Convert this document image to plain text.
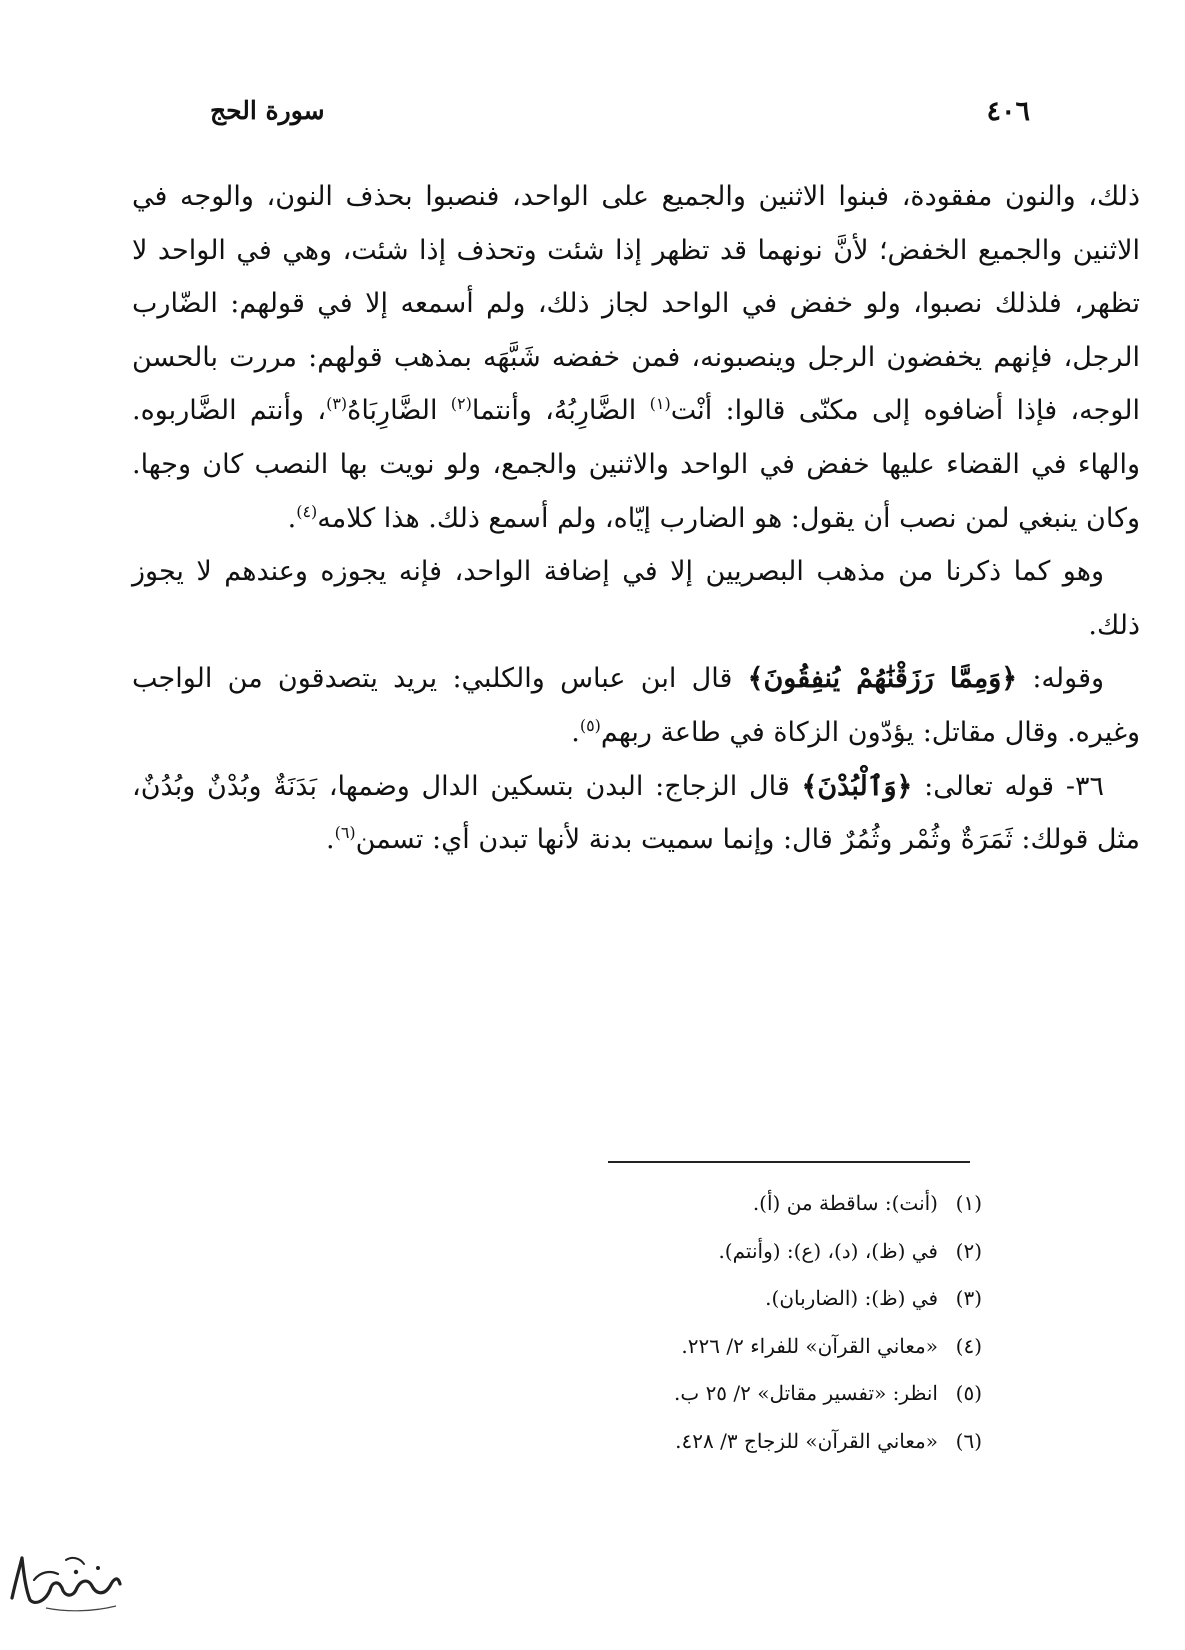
٤٠٦
سورة الحج

ذلك، والنون مفقودة، فبنوا الاثنين والجميع على الواحد، فنصبوا بحذف النون، والوجه في الاثنين والجميع الخفض؛ لأنَّ نونهما قد تظهر إذا شئت وتحذف إذا شئت، وهي في الواحد لا تظهر، فلذلك نصبوا، ولو خفض في الواحد لجاز ذلك، ولم أسمعه إلا في قولهم: الضّارب الرجل، فإنهم يخفضون الرجل وينصبونه، فمن خفضه شَبَّهَه بمذهب قولهم: مررت بالحسن الوجه، فإذا أضافوه إلى مكنّى قالوا: أنْت$^{(١)}$ الضَّارِبُهُ، وأنتما$^{(٢)}$ الضَّارِبَاهُ$^{(٣)}$، وأنتم الضَّاربوه. والهاء في القضاء عليها خفض في الواحد والاثنين والجمع، ولو نويت بها النصب كان وجها. وكان ينبغي لمن نصب أن يقول: هو الضارب إيّاه، ولم أسمع ذلك. هذا كلامه$^{(٤)}$.

وهو كما ذكرنا من مذهب البصريين إلا في إضافة الواحد، فإنه يجوزه وعندهم لا يجوز ذلك.

وقوله: ﴿وَمِمَّا رَزَقْنَٰهُمْ يُنفِقُونَ﴾ قال ابن عباس والكلبي: يريد يتصدقون من الواجب وغيره. وقال مقاتل: يؤدّون الزكاة في طاعة ربهم$^{(٥)}$.

٣٦- قوله تعالى: ﴿وَٱلْبُدْنَ﴾ قال الزجاج: البدن بتسكين الدال وضمها، بَدَنَةٌ وبُدْنٌ وبُدُنٌ، مثل قولك: ثَمَرَةٌ وثُمْر وثُمُرٌ قال: وإنما سميت بدنة لأنها تبدن أي: تسمن$^{(٦)}$.

(١)(أنت): ساقطة من (أ).

(٢)في (ظ)، (د)، (ع): (وأنتم).

(٣)في (ظ): (الضاربان).

(٤)«معاني القرآن» للفراء ٢/ ٢٢٦.

(٥)انظر: «تفسير مقاتل» ٢/ ٢٥ ب.

(٦)«معاني القرآن» للزجاج ٣/ ٤٢٨.
